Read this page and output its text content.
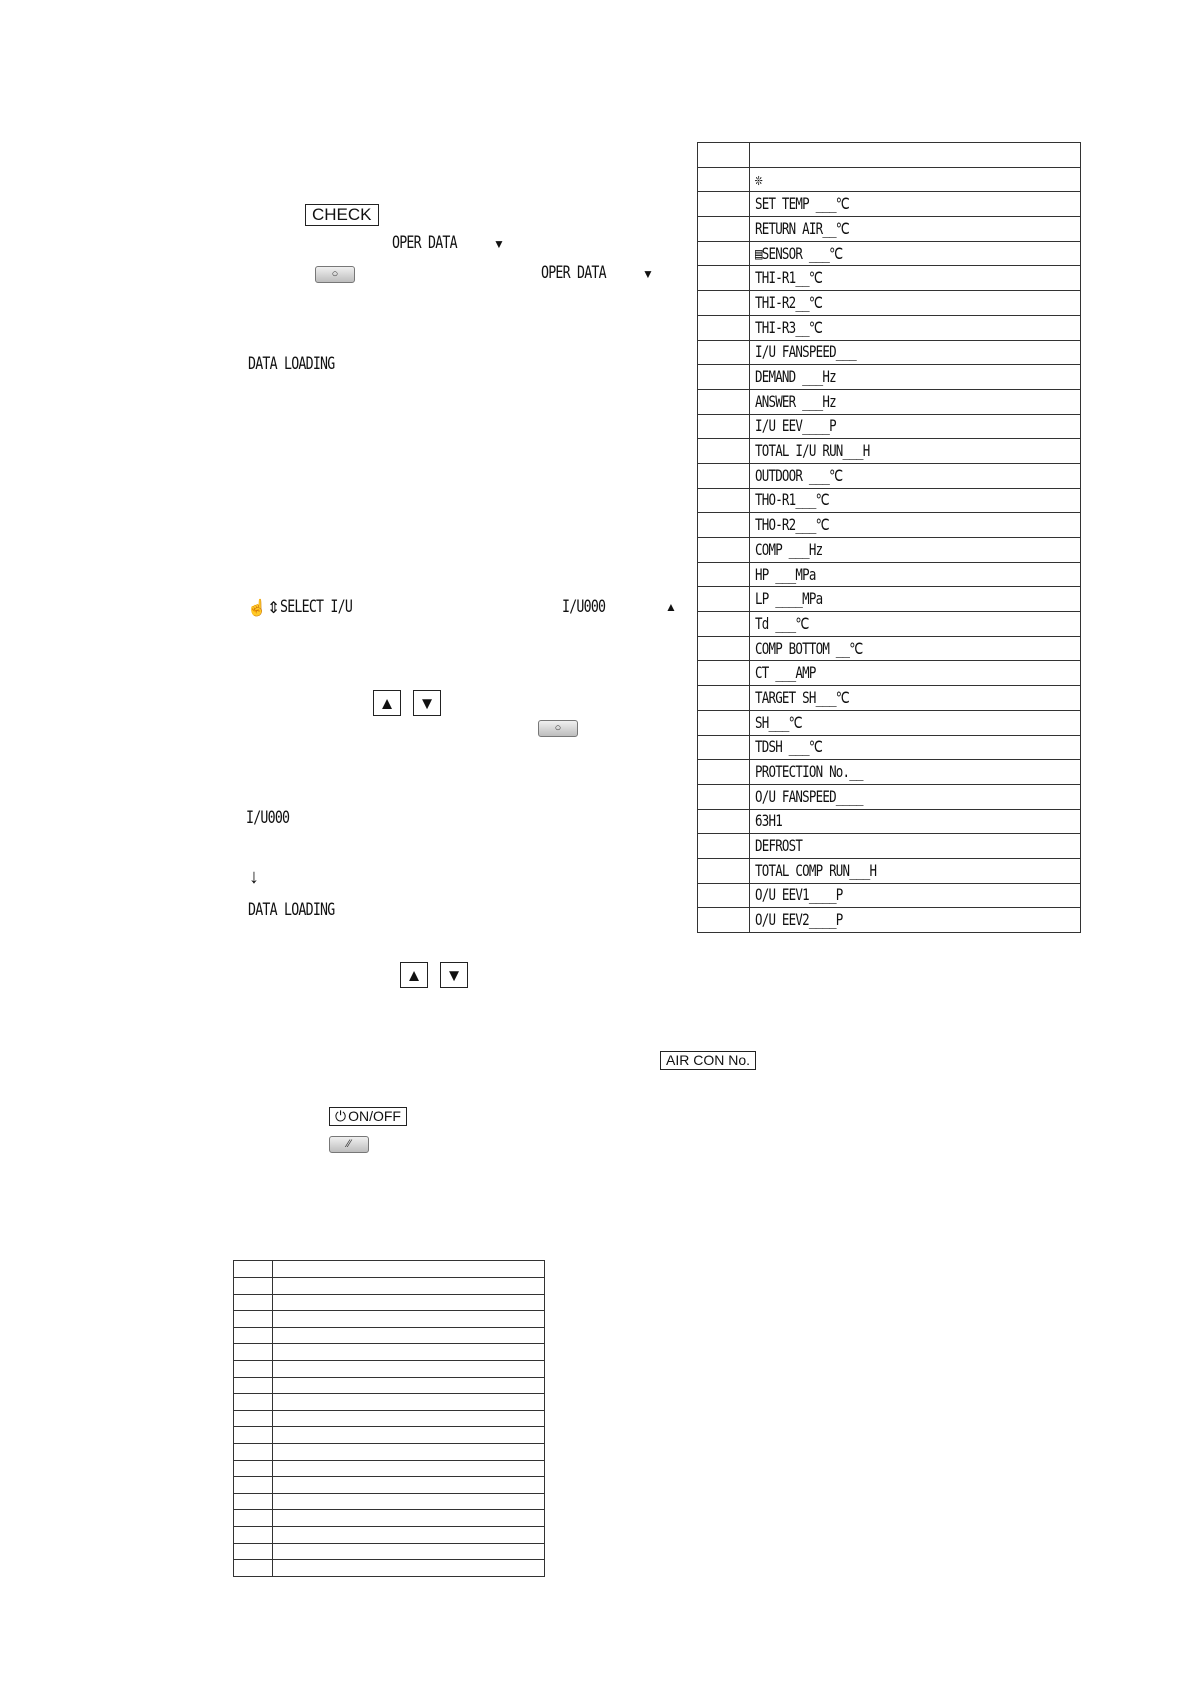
CHECK
OPER DATA	▼
○	OPER DATA	▼
DATA LOADING
☝⇕ SELECT I/U	I/U000	▲
▲	▼
○
I/U000
↓
DATA LOADING
▲	▼
AIR CON No.
⏻ ON/OFF
⁄⁄

	❊
	SET TEMP ___℃
	RETURN AIR__℃
	▤SENSOR ___℃
	THI-R1__℃
	THI-R2__℃
	THI-R3__℃
	I/U FANSPEED___
	DEMAND ___Hz
	ANSWER ___Hz
	I/U EEV____P
	TOTAL I/U RUN___H
	OUTDOOR ___℃
	THO-R1___℃
	THO-R2___℃
	COMP ___Hz
	HP ___MPa
	LP ____MPa
	Td ___℃
	COMP BOTTOM __℃
	CT ___AMP
	TARGET SH___℃
	SH___℃
	TDSH ___℃
	PROTECTION No.__
	O/U FANSPEED____
	63H1
	DEFROST
	TOTAL COMP RUN___H
	O/U EEV1____P
	O/U EEV2____P
